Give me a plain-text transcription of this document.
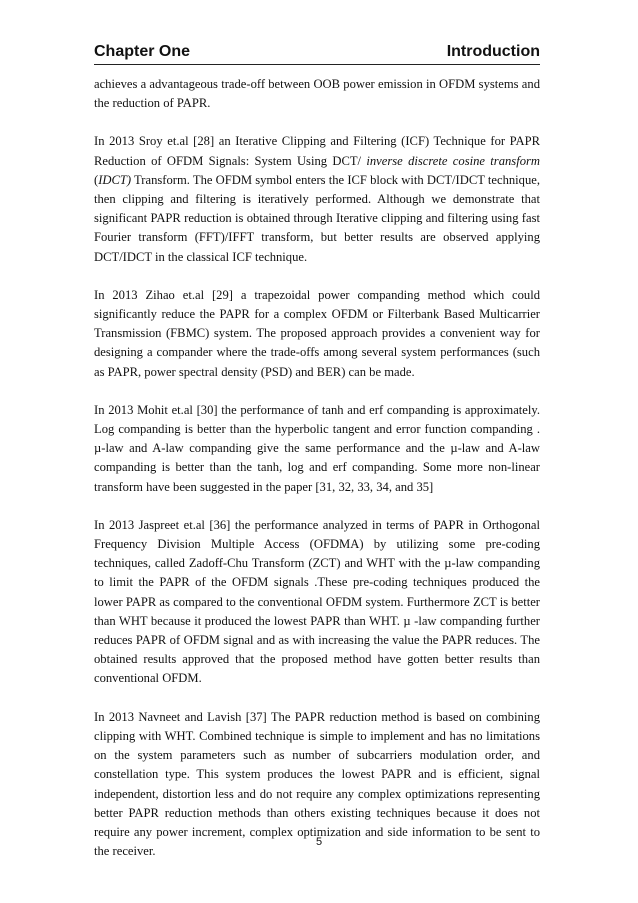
Chapter One	Introduction

achieves a advantageous trade-off between OOB power emission in OFDM systems and the reduction of PAPR.

In 2013 Sroy et.al [28] an Iterative Clipping and Filtering (ICF) Technique for PAPR Reduction of OFDM Signals: System Using DCT/ inverse discrete cosine transform (IDCT) Transform. The OFDM symbol enters the ICF block with DCT/IDCT technique, then clipping and filtering is iteratively performed. Although we demonstrate that significant PAPR reduction is obtained through Iterative clipping and filtering using fast Fourier transform (FFT)/IFFT transform, but better results are observed applying DCT/IDCT in the classical ICF technique.

In 2013 Zihao et.al [29] a trapezoidal power companding method which could significantly reduce the PAPR for a complex OFDM or Filterbank Based Multicarrier Transmission (FBMC) system. The proposed approach provides a convenient way for designing a compander where the trade-offs among several system performances (such as PAPR, power spectral density (PSD) and BER) can be made.

In 2013 Mohit et.al [30] the performance of tanh and erf companding is approximately. Log companding is better than the hyperbolic tangent and error function companding . µ-law and A-law companding give the same performance and the µ-law and A-law companding is better than the tanh, log and erf companding. Some more non-linear transform have been suggested in the paper [31, 32, 33, 34, and 35]

In 2013 Jaspreet et.al [36] the performance analyzed in terms of PAPR in Orthogonal Frequency Division Multiple Access (OFDMA) by utilizing some pre-coding techniques, called Zadoff-Chu Transform (ZCT) and WHT with the µ-law companding to limit the PAPR of the OFDM signals .These pre-coding techniques produced the lower PAPR as compared to the conventional OFDM system. Furthermore ZCT is better than WHT because it produced the lowest PAPR than WHT. µ -law companding further reduces PAPR of OFDM signal and as with increasing the value the PAPR reduces. The obtained results approved that the proposed method have gotten better results than conventional OFDM.

In 2013 Navneet and Lavish [37] The PAPR reduction method is based on combining clipping with WHT. Combined technique is simple to implement and has no limitations on the system parameters such as number of subcarriers modulation order, and constellation type. This system produces the lowest PAPR and is efficient, signal independent, distortion less and do not require any complex optimizations representing better PAPR reduction methods than others existing techniques because it does not require any power increment, complex optimization and side information to be sent to the receiver.

5
